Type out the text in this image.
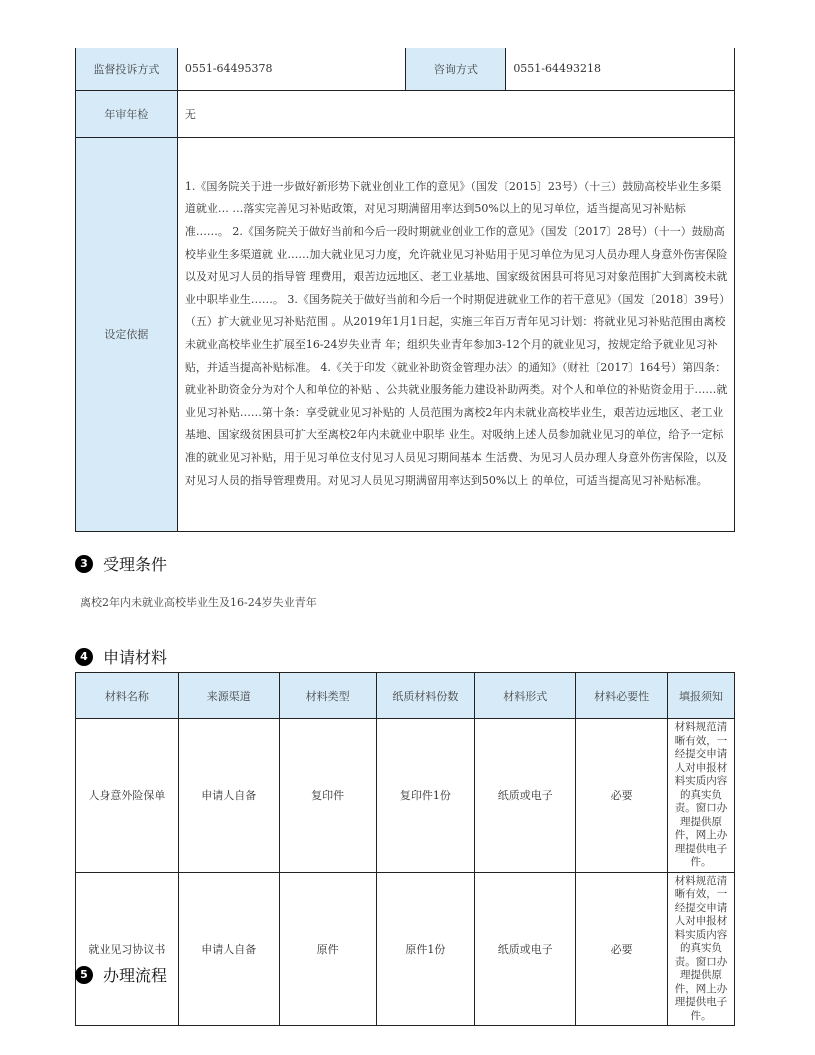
监督投诉方式	0551-64495378	咨询方式	0551-64493218
年审年检	无		
设定依据	1.《国务院关于进一步做好新形势下就业创业工作的意见》（国发〔2015〕23号）（十三）鼓励高校毕业生多渠道就业… …落实完善见习补贴政策，对见习期满留用率达到50%以上的见习单位，适当提高见习补贴标准……。 2.《国务院关于做好当前和今后一段时期就业创业工作的意见》（国发〔2017〕28号）（十一）鼓励高校毕业生多渠道就 业……加大就业见习力度，允许就业见习补贴用于见习单位为见习人员办理人身意外伤害保险以及对见习人员的指导管 理费用，艰苦边远地区、老工业基地、国家级贫困县可将见习对象范围扩大到离校未就业中职毕业生……。 3.《国务院关于做好当前和今后一个时期促进就业工作的若干意见》（国发〔2018〕39号）（五）扩大就业见习补贴范围 。从2019年1月1日起，实施三年百万青年见习计划：将就业见习补贴范围由离校未就业高校毕业生扩展至16-24岁失业青 年；组织失业青年参加3-12个月的就业见习，按规定给予就业见习补贴，并适当提高补贴标准。 4.《关于印发〈就业补助资金管理办法〉的通知》（财社〔2017〕164号）第四条：就业补助资金分为对个人和单位的补贴 、公共就业服务能力建设补助两类。对个人和单位的补贴资金用于……就业见习补贴……第十条：享受就业见习补贴的 人员范围为离校2年内未就业高校毕业生，艰苦边远地区、老工业基地、国家级贫困县可扩大至离校2年内未就业中职毕 业生。对吸纳上述人员参加就业见习的单位，给予一定标准的就业见习补贴，用于见习单位支付见习人员见习期间基本 生活费、为见习人员办理人身意外伤害保险，以及对见习人员的指导管理费用。对见习人员见习期满留用率达到50%以上 的单位，可适当提高见习补贴标准。		
3 受理条件
离校2年内未就业高校毕业生及16-24岁失业青年
4 申请材料
材料名称	来源渠道	材料类型	纸质材料份数	材料形式	材料必要性	填报须知
人身意外险保单	申请人自备	复印件	复印件1份	纸质或电子	必要	材料规范清晰有效，一经提交申请人对申报材料实质内容的真实负责。窗口办理提供原件，网上办理提供电子件。
就业见习协议书	申请人自备	原件	原件1份	纸质或电子	必要	材料规范清晰有效，一经提交申请人对申报材料实质内容的真实负责。窗口办理提供原件，网上办理提供电子件。
5 办理流程
